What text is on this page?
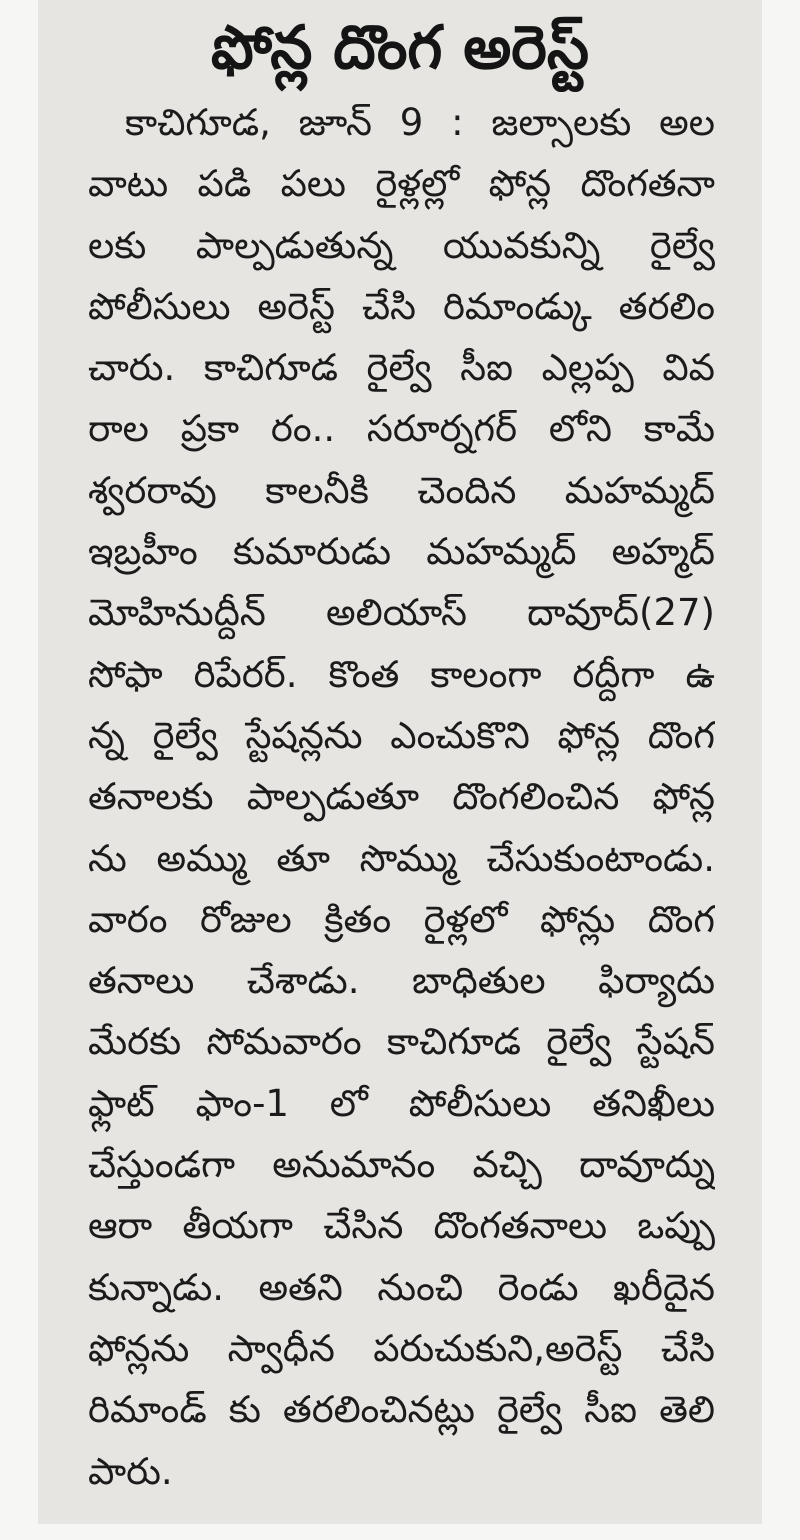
ఫోన్ల దొంగ అరెస్ట్
కాచిగూడ, జూన్ 9 : జల్సాలకు అల
వాటు పడి పలు రైళ్లల్లో ఫోన్ల దొంగతనా
లకు పాల్పడుతున్న యువకున్ని రైల్వే
పోలీసులు అరెస్ట్ చేసి రిమాండ్కు తరలిం
చారు. కాచిగూడ రైల్వే సీఐ ఎల్లప్ప వివ
రాల ప్రకా రం.. సరూర్నగర్ లోని కామే
శ్వరరావు కాలనీకి చెందిన మహమ్మద్
ఇబ్రహీం కుమారుడు మహమ్మద్ అహ్మద్
మోహినుద్దీన్ అలియాస్ దావూద్(27)
సోఫా రిపేరర్. కొంత కాలంగా రద్దీగా ఉ
న్న రైల్వే స్టేషన్లను ఎంచుకొని ఫోన్ల దొంగ
తనాలకు పాల్పడుతూ దొంగలించిన ఫోన్ల
ను అమ్ము తూ సొమ్ము చేసుకుంటాండు.
వారం రోజుల క్రితం రైళ్లలో ఫోన్లు దొంగ
తనాలు చేశాడు. బాధితుల ఫిర్యాదు
మేరకు సోమవారం కాచిగూడ రైల్వే స్టేషన్
ఫ్లాట్ ఫాం-1 లో పోలీసులు తనిఖీలు
చేస్తుండగా అనుమానం వచ్చి దావూద్ను
ఆరా తీయగా చేసిన దొంగతనాలు ఒప్పు
కున్నాడు. అతని నుంచి రెండు ఖరీదైన
ఫోన్లను స్వాధీన పరుచుకుని,అరెస్ట్ చేసి
రిమాండ్ కు తరలించినట్లు రైల్వే సీఐ తెలి
పారు.
